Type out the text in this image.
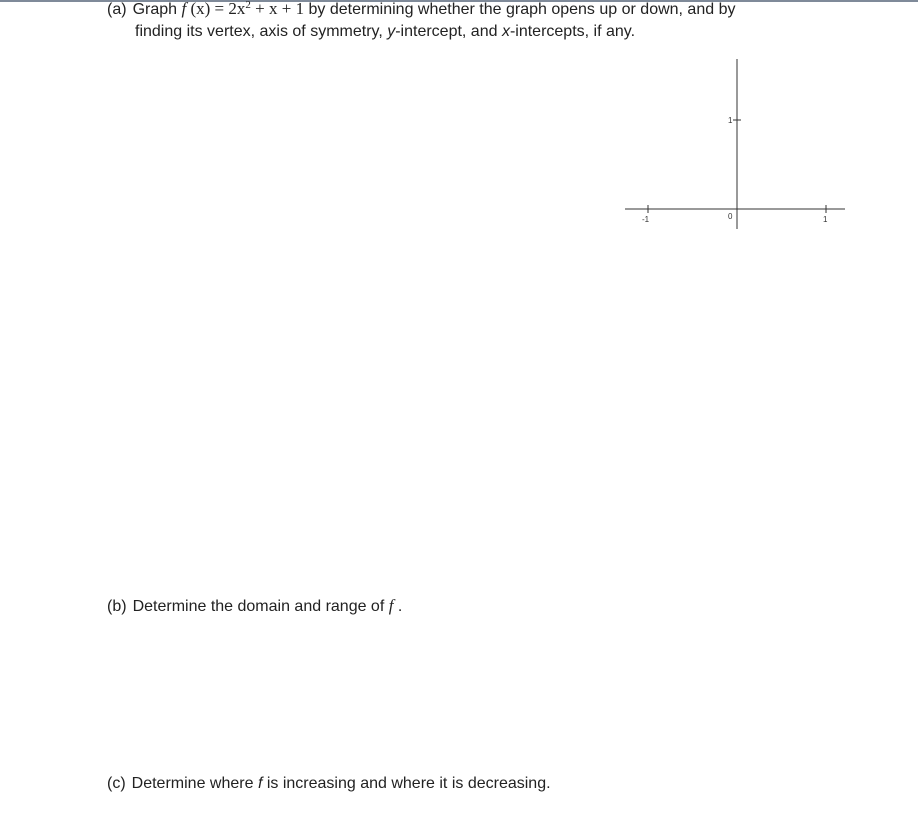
(a) Graph f $(x) = 2x^2 + x + 1$ by determining whether the graph opens up or down, and by
finding its vertex, axis of symmetry, y-intercept, and x-intercepts, if any.
-1	0	1
1
(b) Determine the domain and range of f .
(c) Determine where f is increasing and where it is decreasing.
